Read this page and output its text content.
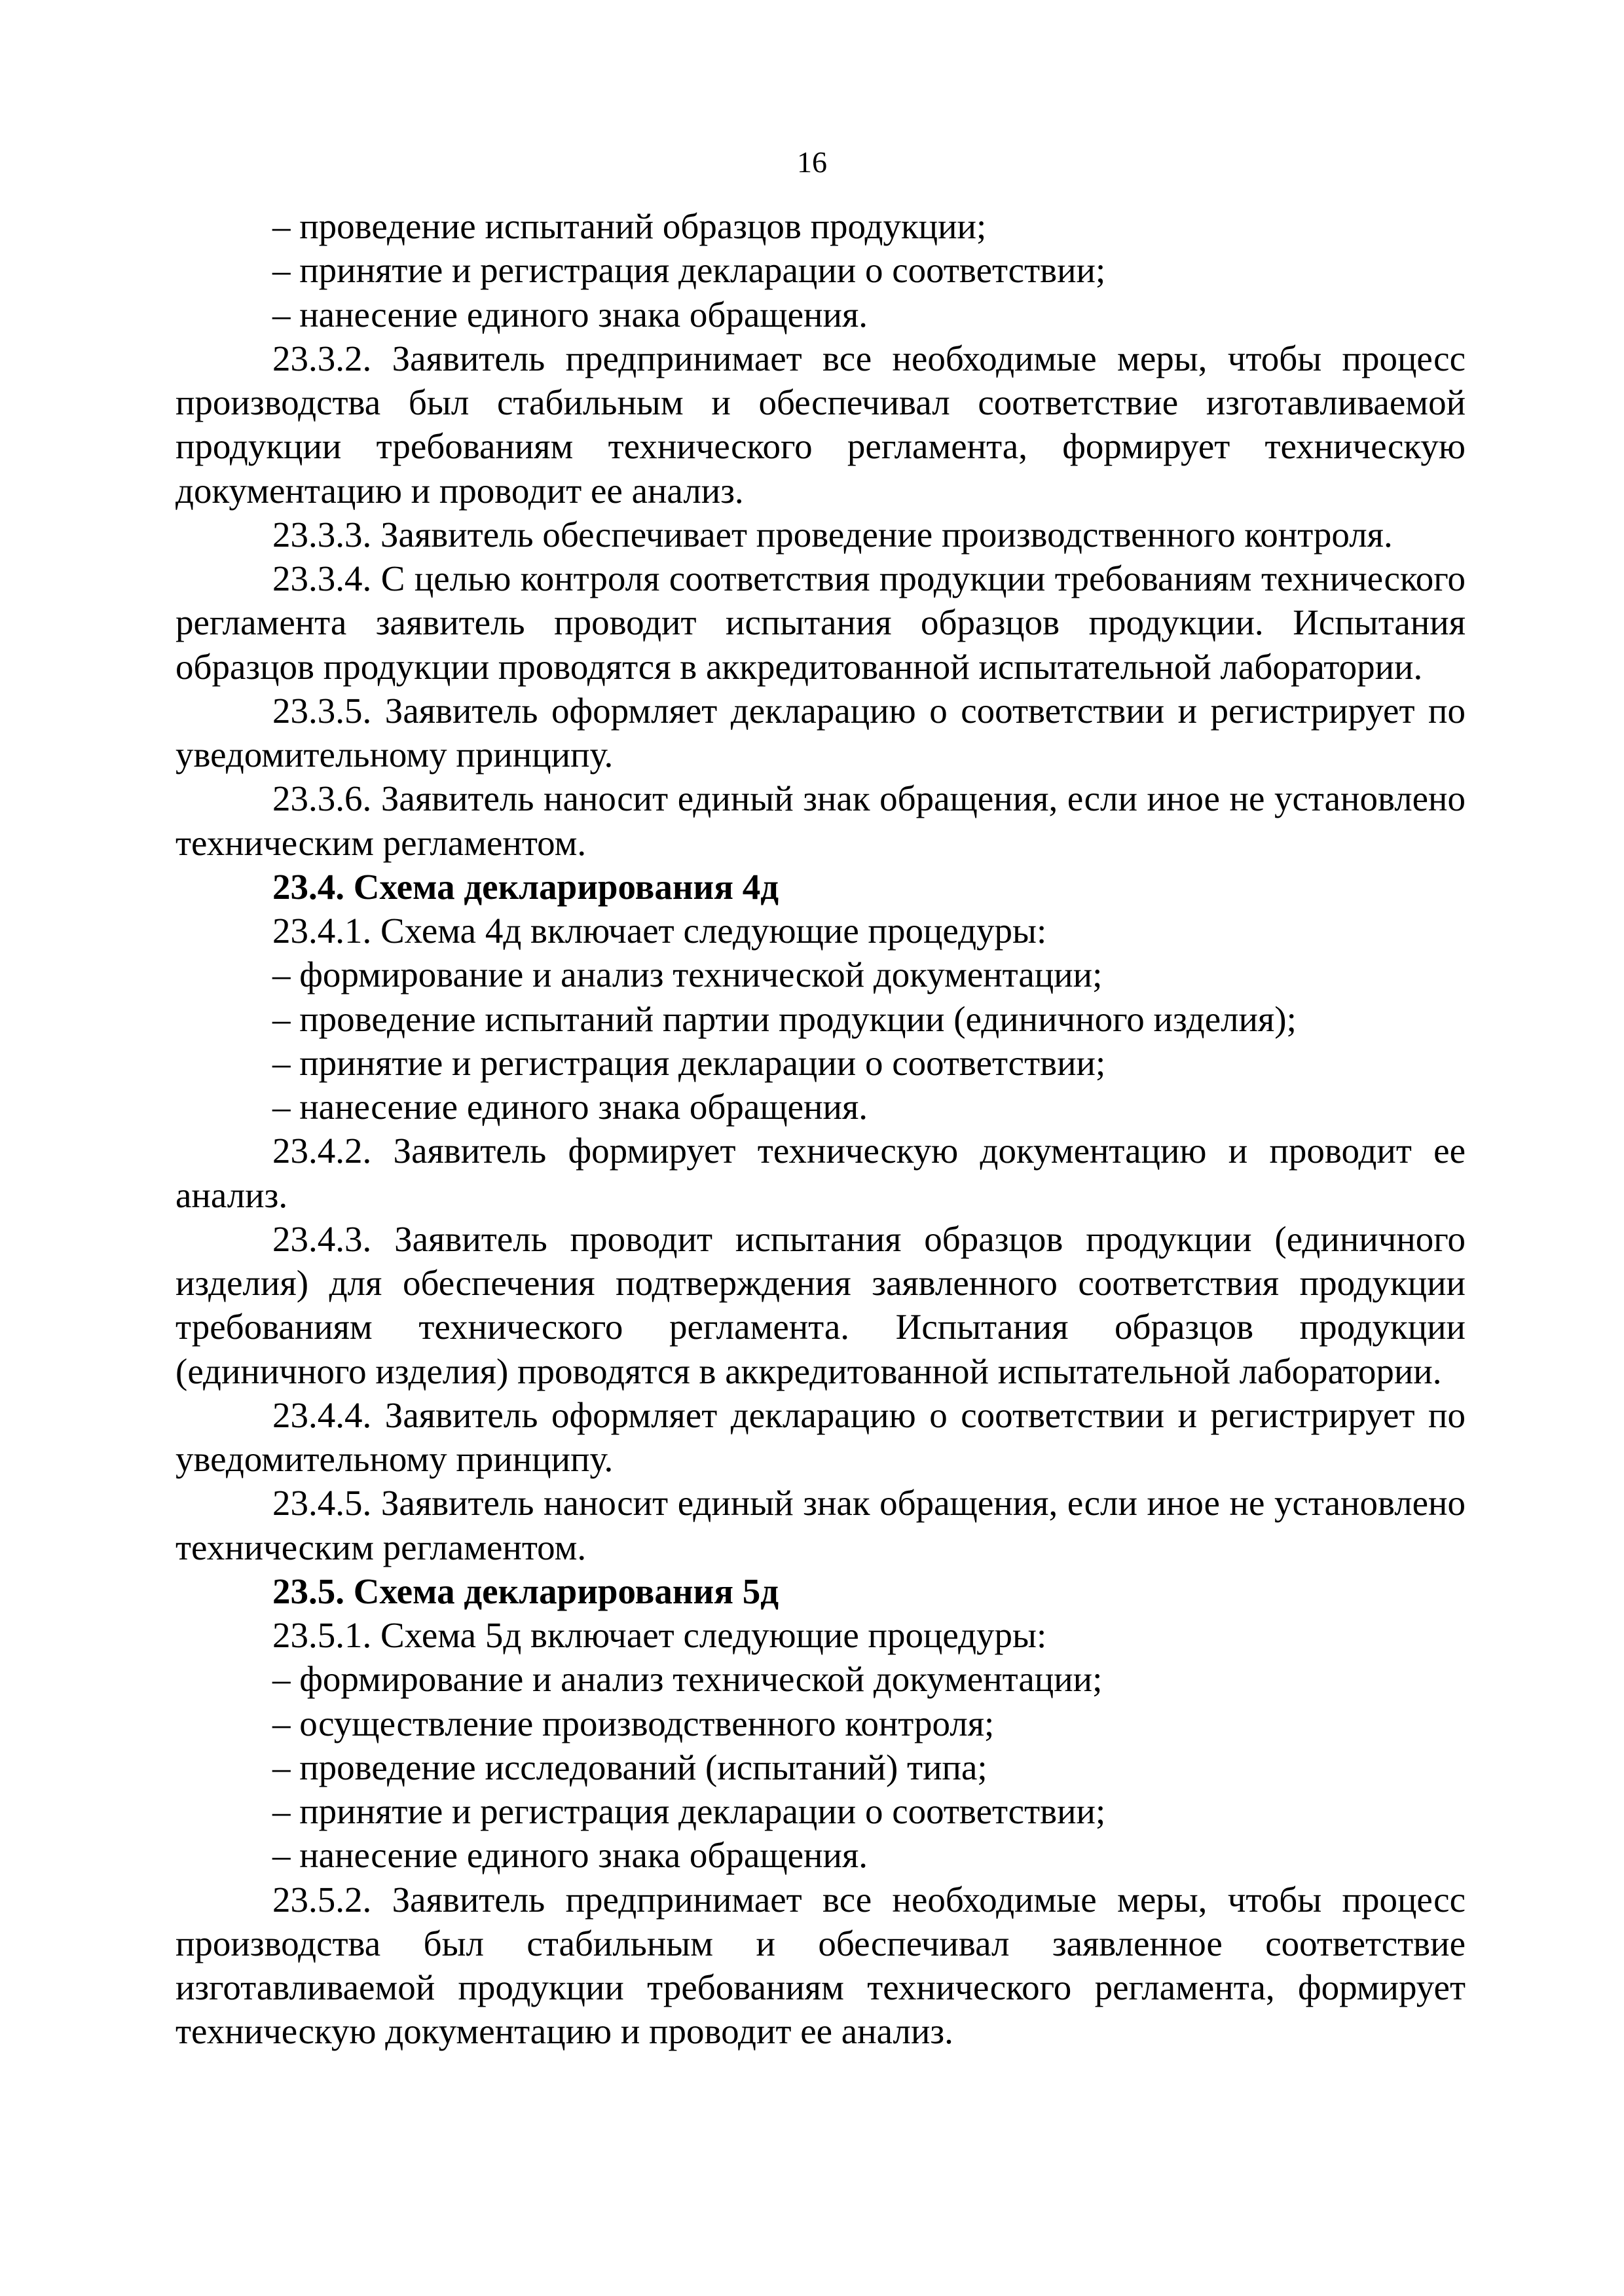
16

– проведение испытаний образцов продукции;

– принятие и регистрация декларации о соответствии;

– нанесение единого знака обращения.

23.3.2. Заявитель предпринимает все необходимые меры, чтобы процесс производства был стабильным и обеспечивал соответствие изготавливаемой продукции требованиям технического регламента, формирует техническую документацию и проводит ее анализ.

23.3.3. Заявитель обеспечивает проведение производственного контроля.

23.3.4. С целью контроля соответствия продукции требованиям технического регламента заявитель проводит испытания образцов продукции. Испытания образцов продукции проводятся в аккредитованной испытательной лаборатории.

23.3.5. Заявитель оформляет декларацию о соответствии и регистрирует по уведомительному принципу.

23.3.6. Заявитель наносит единый знак обращения, если иное не установлено техническим регламентом.

23.4. Схема декларирования 4д

23.4.1. Схема 4д включает следующие процедуры:

– формирование и анализ технической документации;

– проведение испытаний партии продукции (единичного изделия);

– принятие и регистрация декларации о соответствии;

– нанесение единого знака обращения.

23.4.2. Заявитель формирует техническую документацию и проводит ее анализ.

23.4.3. Заявитель проводит испытания образцов продукции (единичного изделия) для обеспечения подтверждения заявленного соответствия продукции требованиям технического регламента. Испытания образцов продукции (единичного изделия) проводятся в аккредитованной испытательной лаборатории.

23.4.4. Заявитель оформляет декларацию о соответствии и регистрирует по уведомительному принципу.

23.4.5. Заявитель наносит единый знак обращения, если иное не установлено техническим регламентом.

23.5. Схема декларирования 5д

23.5.1. Схема 5д включает следующие процедуры:

– формирование и анализ технической документации;

– осуществление производственного контроля;

– проведение исследований (испытаний) типа;

– принятие и регистрация декларации о соответствии;

– нанесение единого знака обращения.

23.5.2. Заявитель предпринимает все необходимые меры, чтобы процесс производства был стабильным и обеспечивал заявленное соответствие изготавливаемой продукции требованиям технического регламента, формирует техническую документацию и проводит ее анализ.
